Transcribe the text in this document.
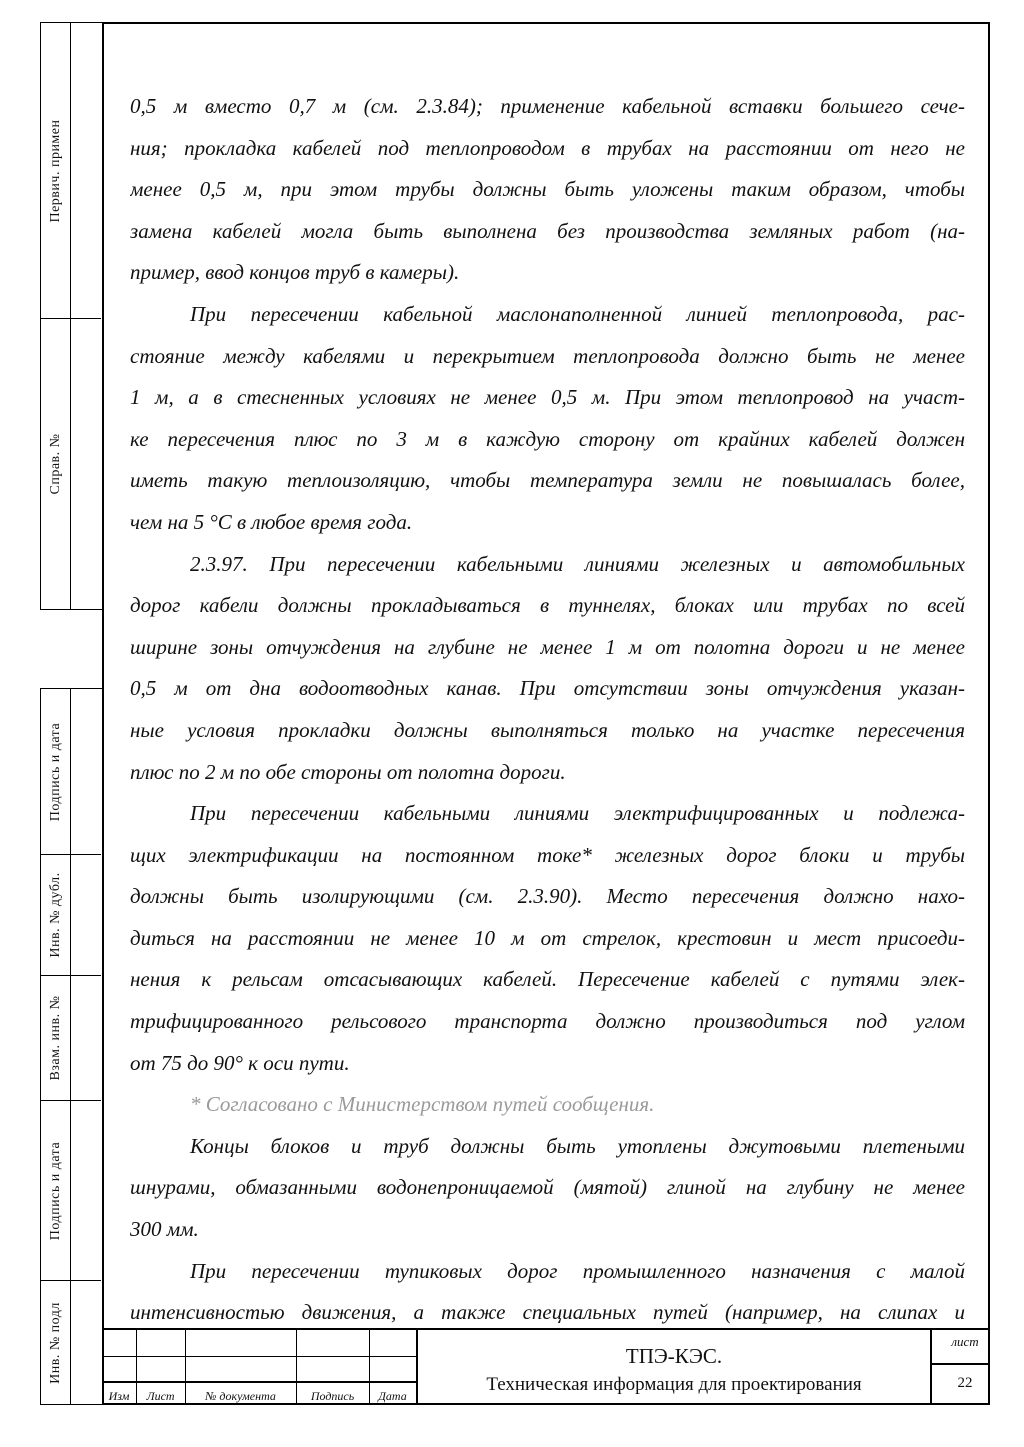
Первич. примен
Справ. №
Подпись и дата
Инв. № дубл.
Взам. инв. №
Подпись и дата
Инв. № подл
0,5 м вместо 0,7 м (см. 2.3.84); применение кабельной вставки большего сече-
ния; прокладка кабелей под теплопроводом в трубах на расстоянии от него не
менее 0,5 м, при этом трубы должны быть уложены таким образом, чтобы
замена кабелей могла быть выполнена без производства земляных работ (на-
пример, ввод концов труб в камеры).
При пересечении кабельной маслонаполненной линией теплопровода, рас-
стояние между кабелями и перекрытием теплопровода должно быть не менее
1 м, а в стесненных условиях не менее 0,5 м. При этом теплопровод на участ-
ке пересечения плюс по 3 м в каждую сторону от крайних кабелей должен
иметь такую теплоизоляцию, чтобы температура земли не повышалась более,
чем на 5 °С в любое время года.
2.3.97. При пересечении кабельными линиями железных и автомобильных
дорог кабели должны прокладываться в туннелях, блоках или трубах по всей
ширине зоны отчуждения на глубине не менее 1 м от полотна дороги и не менее
0,5 м от дна водоотводных канав. При отсутствии зоны отчуждения указан-
ные условия прокладки должны выполняться только на участке пересечения
плюс по 2 м по обе стороны от полотна дороги.
При пересечении кабельными линиями электрифицированных и подлежа-
щих электрификации на постоянном токе* железных дорог блоки и трубы
должны быть изолирующими (см. 2.3.90). Место пересечения должно нахо-
диться на расстоянии не менее 10 м от стрелок, крестовин и мест присоеди-
нения к рельсам отсасывающих кабелей. Пересечение кабелей с путями элек-
трифицированного рельсового транспорта должно производиться под углом
от 75 до 90° к оси пути.
* Согласовано с Министерством путей сообщения.
Концы блоков и труб должны быть утоплены джутовыми плетеными
шнурами, обмазанными водонепроницаемой (мятой) глиной на глубину не менее
300 мм.
При пересечении тупиковых дорог промышленного назначения с малой
интенсивностью движения, а также специальных путей (например, на слипах и
Изм	Лист	№ документа	Подпись	Дата
ТПЭ-КЭС.
Техническая информация для проектирования
лист
22
